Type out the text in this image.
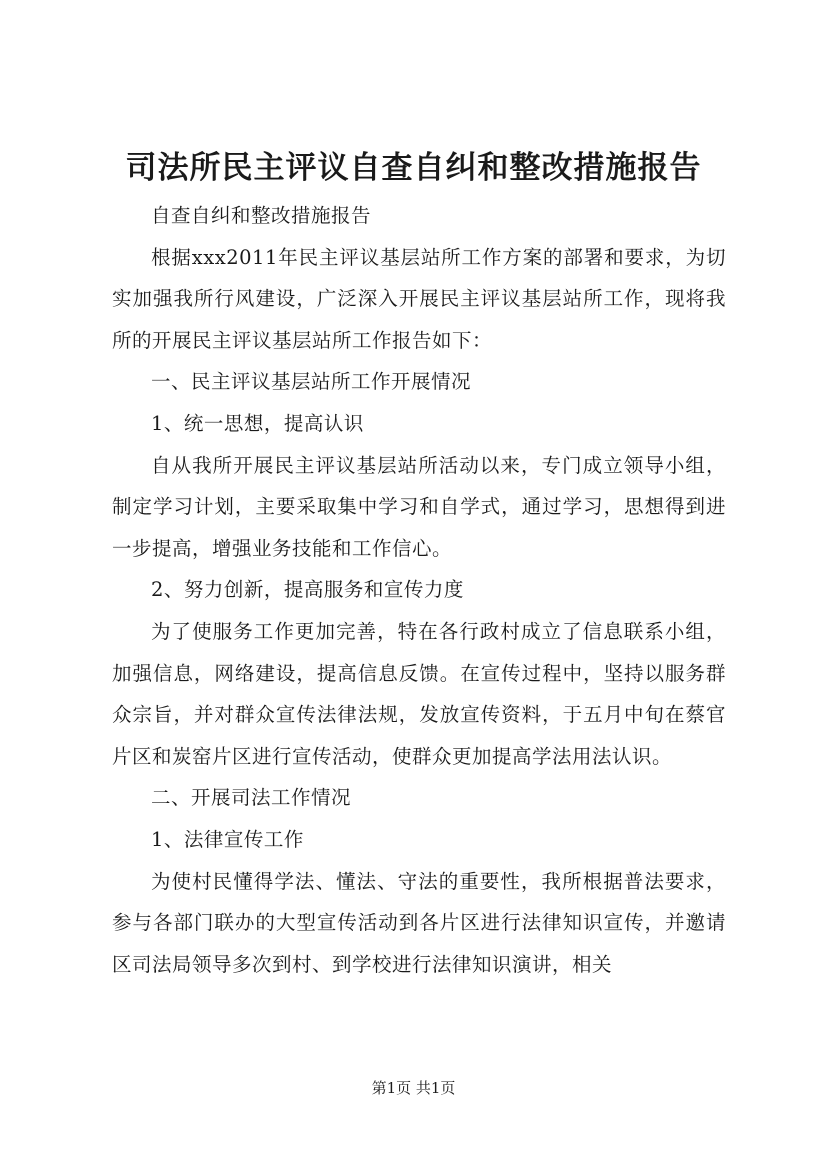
司法所民主评议自查自纠和整改措施报告

自查自纠和整改措施报告

根据xxx2011年民主评议基层站所工作方案的部署和要求，为切实加强我所行风建设，广泛深入开展民主评议基层站所工作，现将我所的开展民主评议基层站所工作报告如下：

一、民主评议基层站所工作开展情况

1、统一思想，提高认识

自从我所开展民主评议基层站所活动以来，专门成立领导小组，制定学习计划，主要采取集中学习和自学式，通过学习，思想得到进一步提高，增强业务技能和工作信心。

2、努力创新，提高服务和宣传力度

为了使服务工作更加完善，特在各行政村成立了信息联系小组，加强信息，网络建设，提高信息反馈。在宣传过程中，坚持以服务群众宗旨，并对群众宣传法律法规，发放宣传资料，于五月中旬在蔡官片区和炭窑片区进行宣传活动，使群众更加提高学法用法认识。

二、开展司法工作情况

1、法律宣传工作

为使村民懂得学法、懂法、守法的重要性，我所根据普法要求，参与各部门联办的大型宣传活动到各片区进行法律知识宣传，并邀请区司法局领导多次到村、到学校进行法律知识演讲，相关

第1页 共1页
